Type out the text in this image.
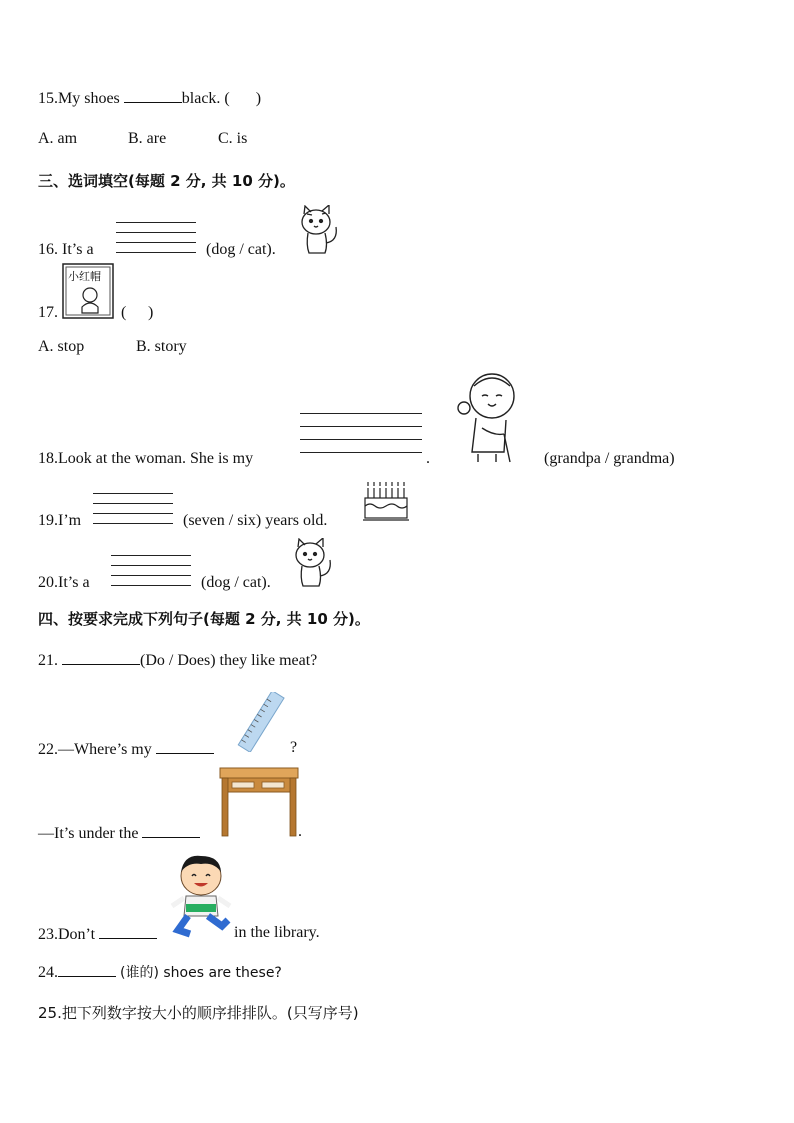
15.My shoes	black. ( )
A. am	B. are	C. is
三、选词填空(每题 2 分, 共 10 分)。
16. It’s a	(dog / cat).
17.
小红帽
( )
A. stop	B. story
18.Look at the woman. She is my	.	(grandpa / grandma)
19.I’m	(seven / six) years old.
20.It’s a	(dog / cat).
四、按要求完成下列句子(每题 2 分, 共 10 分)。
21.	(Do / Does) they like meat?
22.—Where’s my	?
—It’s under the	.
23.Don’t	in the library.
24.	(谁的) shoes are these?
25.把下列数字按大小的顺序排排队。(只写序号)
